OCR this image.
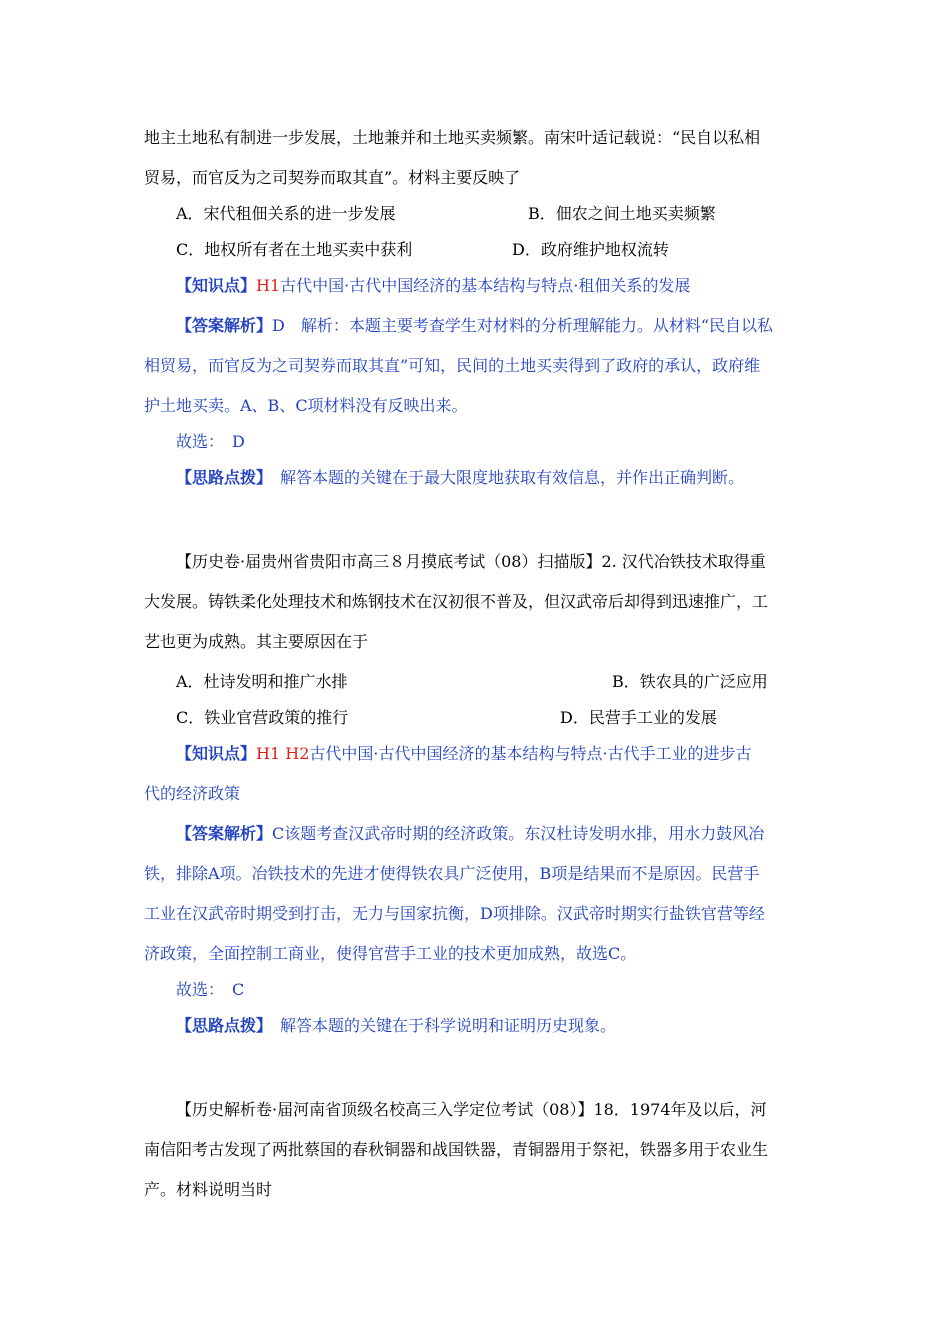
地主土地私有制进一步发展，土地兼并和土地买卖频繁。南宋叶适记载说：“民自以私相
贸易，而官反为之司契券而取其直”。材料主要反映了
A．宋代租佃关系的进一步发展	B．佃农之间土地买卖频繁
C．地权所有者在土地买卖中获利	D．政府维护地权流转
【知识点】H1古代中国·古代中国经济的基本结构与特点·租佃关系的发展
【答案解析】D　解析：本题主要考查学生对材料的分析理解能力。从材料“民自以私
相贸易，而官反为之司契券而取其直”可知，民间的土地买卖得到了政府的承认，政府维
护土地买卖。A、B、C项材料没有反映出来。
故选：　D
【思路点拨】　解答本题的关键在于最大限度地获取有效信息，并作出正确判断。
【历史卷·届贵州省贵阳市高三８月摸底考试（08）扫描版】2. 汉代冶铁技术取得重
大发展。铸铁柔化处理技术和炼钢技术在汉初很不普及，但汉武帝后却得到迅速推广，工
艺也更为成熟。其主要原因在于
A．杜诗发明和推广水排	B．铁农具的广泛应用
C．铁业官营政策的推行	D．民营手工业的发展
【知识点】H1 H2古代中国·古代中国经济的基本结构与特点·古代手工业的进步古
代的经济政策
【答案解析】C该题考查汉武帝时期的经济政策。东汉杜诗发明水排，用水力鼓风冶
铁，排除A项。冶铁技术的先进才使得铁农具广泛使用，B项是结果而不是原因。民营手
工业在汉武帝时期受到打击，无力与国家抗衡，D项排除。汉武帝时期实行盐铁官营等经
济政策，全面控制工商业，使得官营手工业的技术更加成熟，故选C。
故选：　C
【思路点拨】　解答本题的关键在于科学说明和证明历史现象。
【历史解析卷·届河南省顶级名校高三入学定位考试（08）】18．1974年及以后，河
南信阳考古发现了两批蔡国的春秋铜器和战国铁器，青铜器用于祭祀，铁器多用于农业生
产。材料说明当时
